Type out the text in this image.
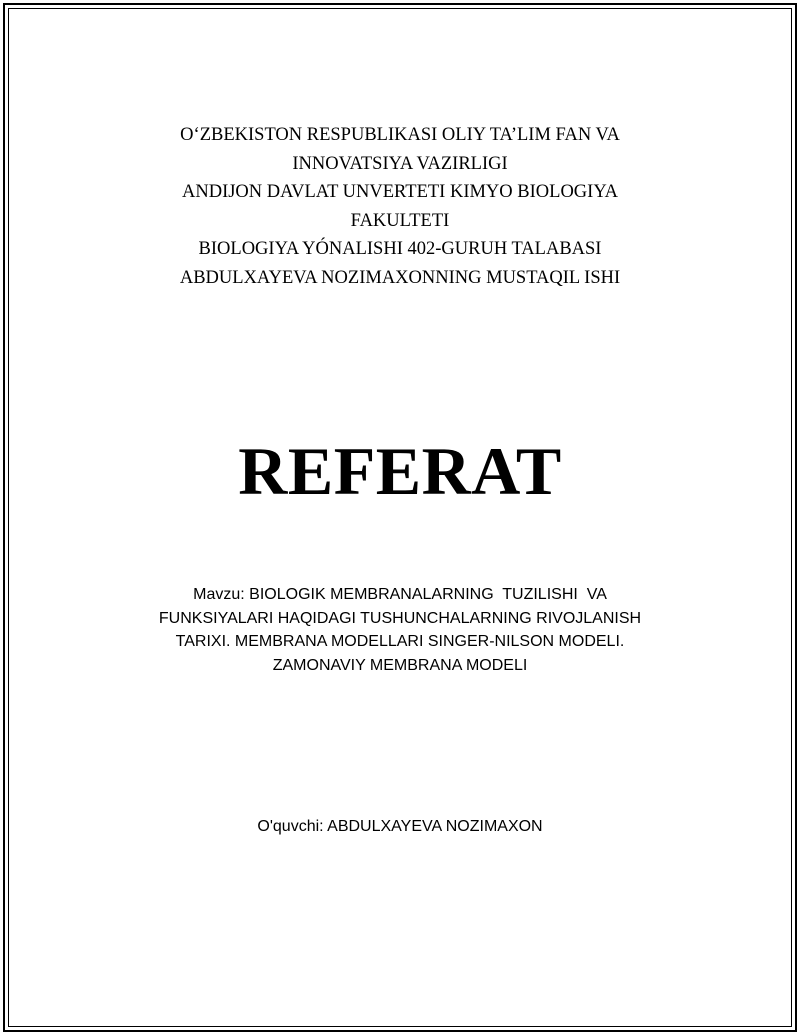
O‘ZBEKISTON RESPUBLIKASI OLIY TA’LIM FAN VA
INNOVATSIYA VAZIRLIGI
ANDIJON DAVLAT UNVERTETI KIMYO BIOLOGIYA
FAKULTETI
BIOLOGIYA YÓNALISHI 402-GURUH TALABASI
ABDULXAYEVA NOZIMAXONNING MUSTAQIL ISHI
REFERAT
Mavzu: BIOLOGIK MEMBRANALARNING  TUZILISHI  VA
FUNKSIYALARI HAQIDAGI TUSHUNCHALARNING RIVOJLANISH
TARIXI. MEMBRANA MODELLARI SINGER-NILSON MODELI.
ZAMONAVIY MEMBRANA MODELI
O'quvchi: ABDULXAYEVA NOZIMAXON
